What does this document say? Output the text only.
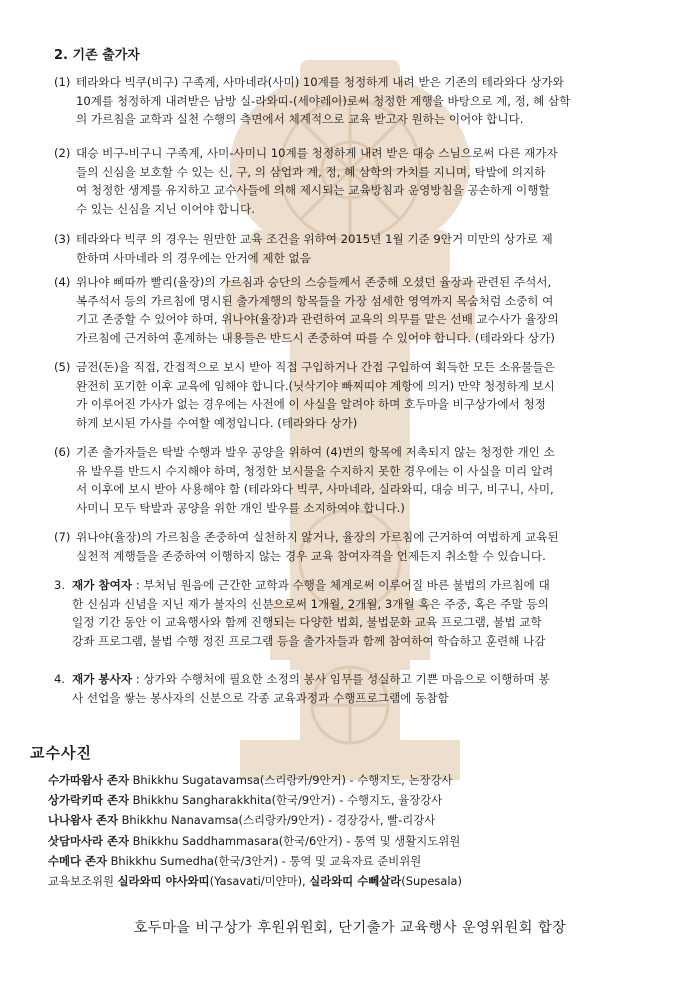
2. 기존 출가자
(1) 테라와다 빅쿠(비구) 구족계, 사마네라(사미) 10계를 청정하게 내려 받은 기존의 테라와다 상가와
10계를 청정하게 내려받은 남방 실-라와띠-(세야레이)로써 청정한 계행을 바탕으로 계, 정, 혜 삼학
의 가르침을 교학과 실천 수행의 측면에서 체계적으로 교육 받고자 원하는 이어야 합니다.
(2) 대승 비구-비구니 구족계, 사미-사미니 10계를 청정하게 내려 받은 대승 스님으로써 다른 재가자
들의 신심을 보호할 수 있는 신, 구, 의 삼업과 계, 정, 혜 삼학의 가치를 지니며, 탁발에 의지하
여 청정한 생계를 유지하고 교수사들에 의해 제시되는 교육방침과 운영방침을 공손하게 이행할
수 있는 신심을 지닌 이어야 합니다.
(3) 테라와다 빅쿠 의 경우는 원만한 교육 조건을 위하여 2015년 1월 기준 9안거 미만의 상가로 제
한하며 사마네라 의 경우에는 안거에 제한 없음
(4) 위나야 삐따까 빨리(율장)의 가르침과 승단의 스승들께서 존중해 오셨던 율장과 관련된 주석서,
복주석서 등의 가르침에 명시된 출가계행의 항목들을 가장 섬세한 영역까지 목숨처럼 소중히 여
기고 존중할 수 있어야 하며, 위나야(율장)과 관련하여 교육의 의무를 맡은 선배 교수사가 율장의
가르침에 근거하여 훈계하는 내용들은 반드시 존중하여 따를 수 있어야 합니다. (테라와다 상가)
(5) 금전(돈)을 직접, 간접적으로 보시 받아 직접 구입하거나 간접 구입하여 획득한 모든 소유물들은
완전히 포기한 이후 교육에 임해야 합니다.(닛삭기야 빠찌띠야 계항에 의거) 만약 청정하게 보시
가 이루어진 가사가 없는 경우에는 사전에 이 사실을 알려야 하며 호두마을 비구상가에서 청정
하게 보시된 가사를 수여할 예정입니다. (테라와다 상가)
(6) 기존 출가자들은 탁발 수행과 발우 공양을 위하여 (4)번의 항목에 저촉되지 않는 청정한 개인 소
유 발우를 반드시 수지해야 하며, 청정한 보시물을 수지하지 못한 경우에는 이 사실을 미리 알려
서 이후에 보시 받아 사용해야 함 (테라와다 빅쿠, 사마네라, 실라와띠, 대승 비구, 비구니, 사미,
사미니 모두 탁발과 공양을 위한 개인 발우를 소지하여야 합니다.)
(7) 위나야(율장)의 가르침을 존중하여 실천하지 않거나, 율장의 가르침에 근거하여 여법하게 교육된
실천적 계행들을 존중하여 이행하지 않는 경우 교육 참여자격을 언제든지 취소할 수 있습니다.
3. 재가 참여자 : 부처님 원음에 근간한 교학과 수행을 체계로써 이루어질 바른 불법의 가르침에 대
한 신심과 신념을 지닌 재가 불자의 신분으로써 1개월, 2개월, 3개월 혹은 주중, 혹은 주말 등의
일정 기간 동안 이 교육행사와 함께 진행되는 다양한 법회, 불법문화 교육 프로그램, 불법 교학
강좌 프로그램, 불법 수행 정진 프로그램 등을 출가자들과 함께 참여하여 학습하고 훈련해 나감
4. 재가 봉사자 : 상가와 수행처에 필요한 소정의 봉사 임무를 성실하고 기쁜 마음으로 이행하며 봉
사 선업을 쌓는 봉사자의 신분으로 각종 교육과정과 수행프로그램에 동참함
교수사진
수가따왐사 존자 Bhikkhu Sugatavamsa(스리랑카/9안거) - 수행지도, 논장강사
상가락키따 존자 Bhikkhu Sangharakkhita(한국/9안거) - 수행지도, 율장강사
나나왐사 존자 Bhikkhu Nanavamsa(스리랑카/9안거) - 경장강사, 빨-리강사
삿담마사라 존자 Bhikkhu Saddhammasara(한국/6안거) - 통역 및 생활지도위원
수메다 존자 Bhikkhu Sumedha(한국/3안거) - 통역 및 교육자료 준비위원
교육보조위원 실라와띠 야사와띠(Yasavati/미얀마), 실라와띠 수뻬살라(Supesala)
호두마을 비구상가 후원위원회, 단기출가 교육행사 운영위원회 합장
